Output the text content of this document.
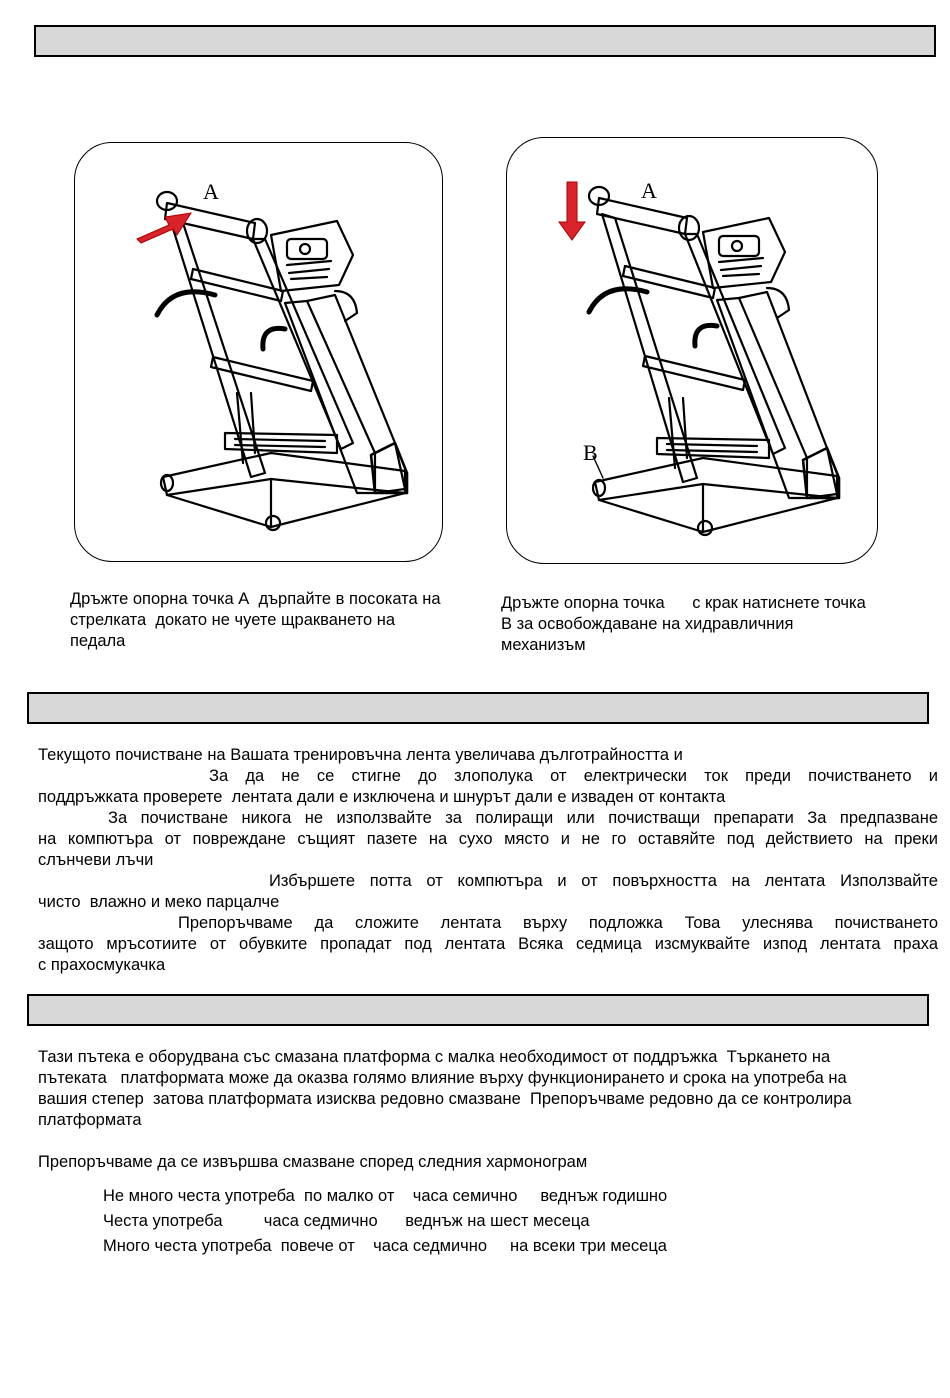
A	A
B
Дръжте опорна точка А  дърпайте в посоката на
стрелката  докато не чуете щракването на
педала
Дръжте опорна точка      с крак натиснете точка
В за освобождаване на хидравличния
механизъм
Текущото почистване на Вашата тренировъчна лента увеличава дълготрайността и
За да не се стигне до злополука от електрически ток преди почистването и
поддръжката проверете  лентата дали е изключена и шнурът дали е изваден от контакта
За почистване никога не използвайте за полиращи или почистващи препарати За предпазване
на компютъра от повреждане същият пазете на сухо място и не го оставяйте под действието на преки
слънчеви лъчи
Избършете потта от компютъра и от повърхността на лентата Използвайте
чисто  влажно и меко парцалче
Препоръчваме да сложите лентата върху подложка Това улеснява почистването
защото мръсотиите от обувките пропадат под лентата Всяка седмица изсмуквайте изпод лентата праха
с прахосмукачка
Тази пътека е оборудвана със смазана платформа с малка необходимост от поддръжка  Търкането на
пътеката   платформата може да оказва голямо влияние върху функционирането и срока на употреба на
вашия степер  затова платформата изисква редовно смазване  Препоръчваме редовно да се контролира
платформата
Препоръчваме да се извършва смазване според следния хармонограм
Не много честа употреба  по малко от    часа семично     веднъж годишно
Честа употреба         часа седмично      веднъж на шест месеца
Много честа употреба  повече от    часа седмично     на всеки три месеца
